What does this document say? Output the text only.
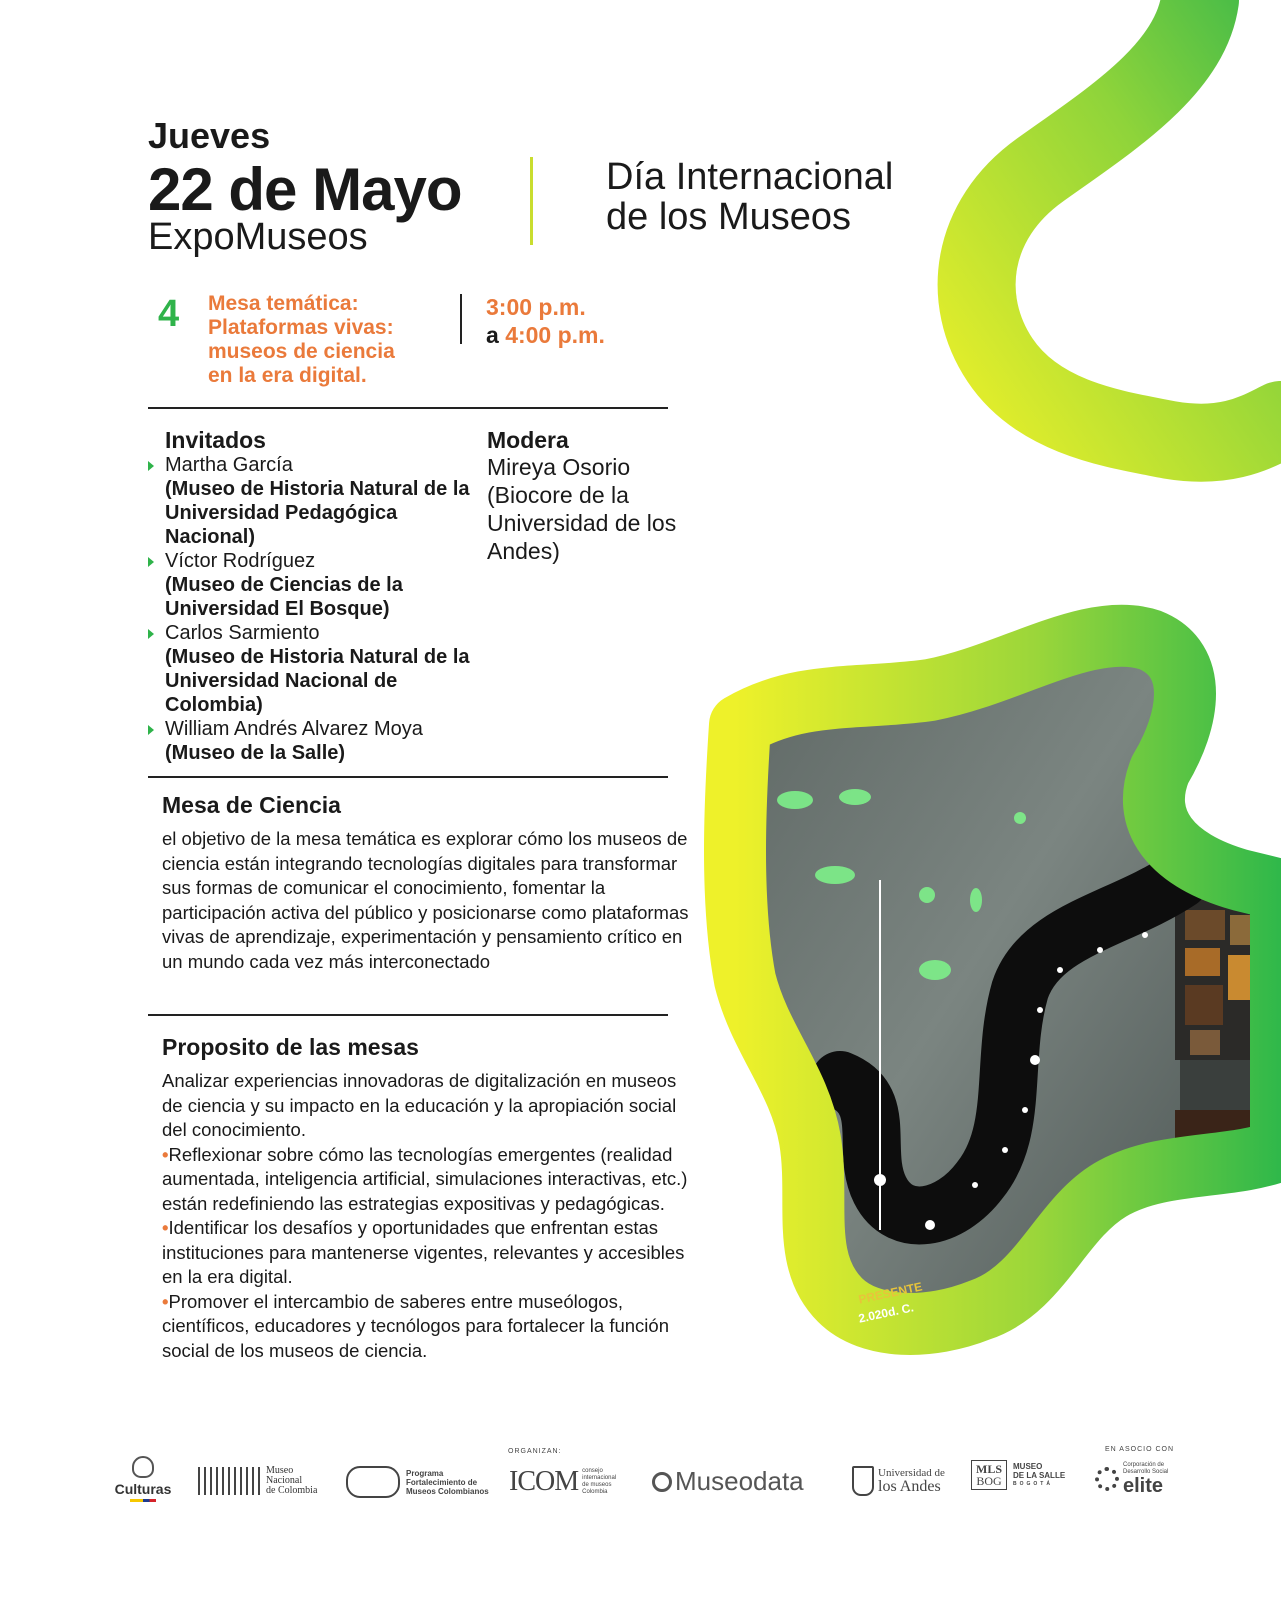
PRESENTE
2.020d. C.
Jueves
22 de Mayo
ExpoMuseos
Día Internacional
de los Museos
4 Mesa temática:
Plataformas vivas:
museos de ciencia
en la era digital.
3:00 p.m.
a 4:00 p.m.
Invitados
Martha García
(Museo de Historia Natural de la Universidad Pedagógica Nacional)
Víctor Rodríguez
(Museo de Ciencias de la Universidad El Bosque)
Carlos Sarmiento
(Museo de Historia Natural de la Universidad Nacional de Colombia)
William Andrés Alvarez Moya
(Museo de la Salle)
Modera
Mireya Osorio (Biocore de la Universidad de los Andes)
Mesa de Ciencia
el objetivo de la mesa temática es explorar cómo los museos de ciencia están integrando tecnologías digitales para transformar sus formas de comunicar el conocimiento, fomentar la participación activa del público y posicionarse como plataformas vivas de aprendizaje, experimentación y pensamiento crítico en un mundo cada vez más interconectado
Proposito de las mesas
Analizar experiencias innovadoras de digitalización en museos de ciencia y su impacto en la educación y la apropiación social del conocimiento.
•Reflexionar sobre cómo las tecnologías emergentes (realidad aumentada, inteligencia artificial, simulaciones interactivas, etc.) están redefiniendo las estrategias expositivas y pedagógicas.
•Identificar los desafíos y oportunidades que enfrentan estas instituciones para mantenerse vigentes, relevantes y accesibles en la era digital.
•Promover el intercambio de saberes entre museólogos, científicos, educadores y tecnólogos para fortalecer la función social de los museos de ciencia.
ORGANIZAN:	EN ASOCIO CON
Culturas
Museo
Nacional
de Colombia
Programa
Fortalecimiento de
Museos Colombianos ICOM consejo
internacional
de museos
Colombia	Museodata	Universidad de
los Andes
MLS
BOG
MUSEO
DE LA SALLE
BOGOTÁ
Corporación de
Desarrollo Social
elite
